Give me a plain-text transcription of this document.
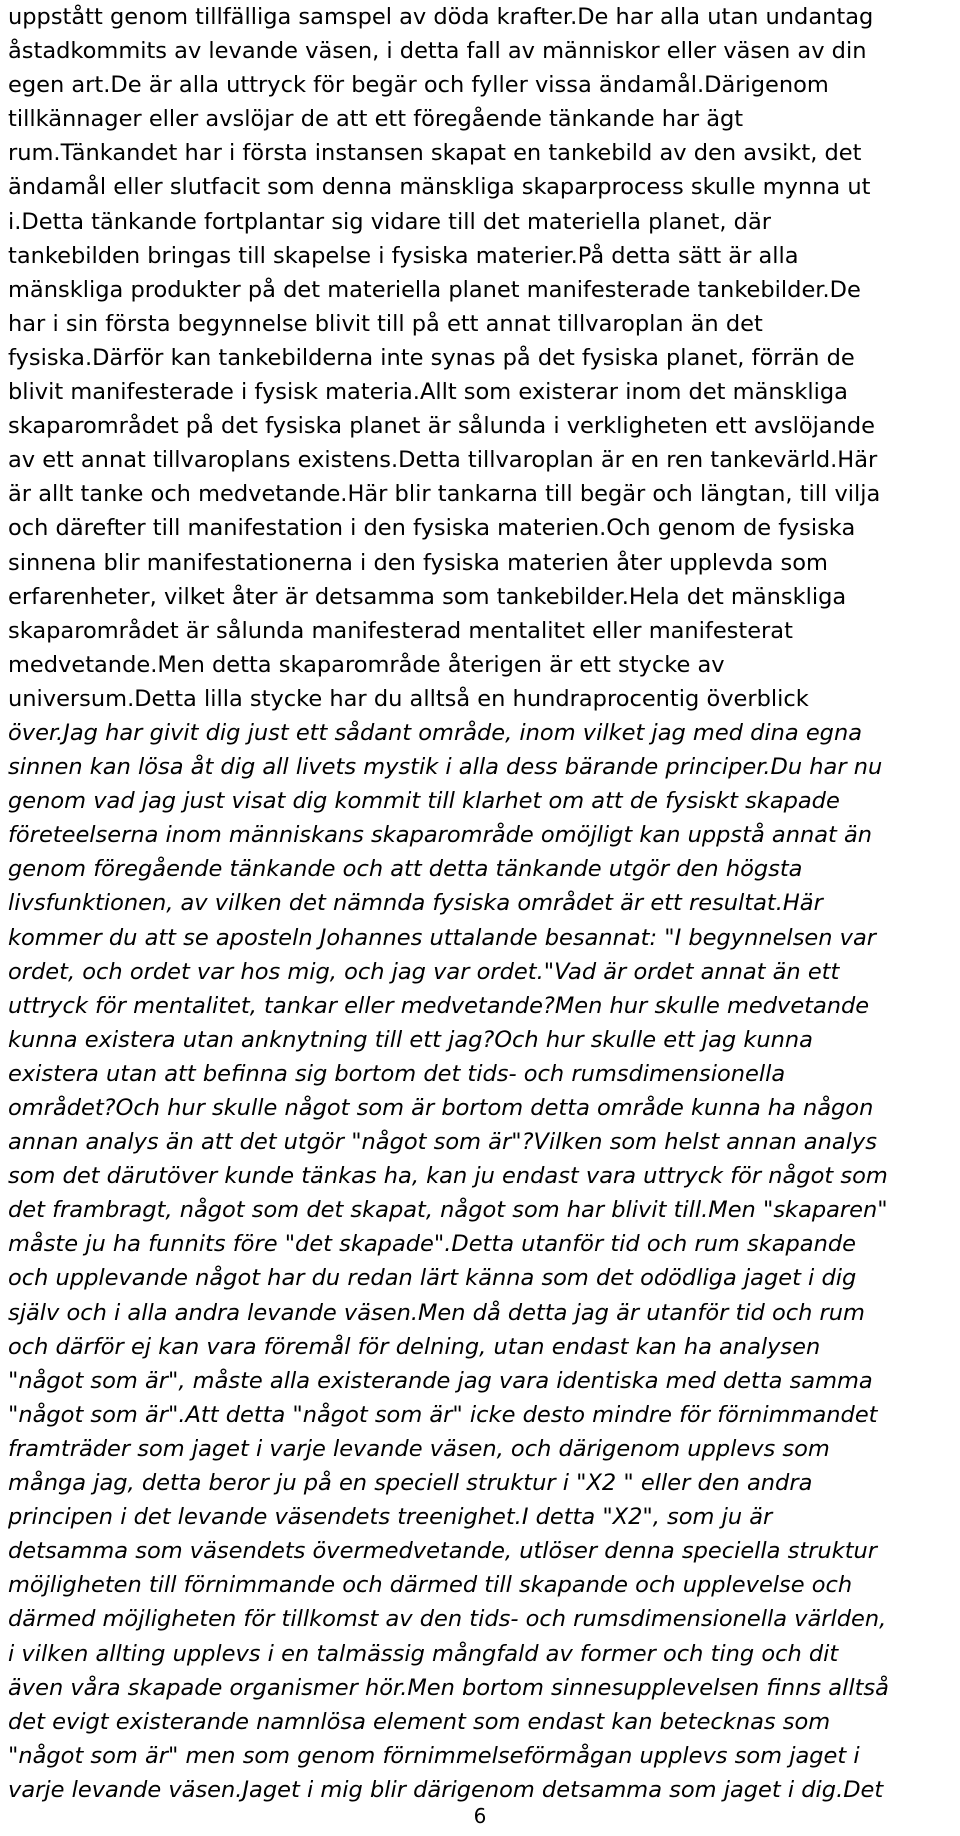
uppstått genom tillfälliga samspel av döda krafter.De har alla utan undantag
åstadkommits av levande väsen, i detta fall av människor eller väsen av din
egen art.De är alla uttryck för begär och fyller vissa ändamål.Därigenom
tillkännager eller avslöjar de att ett föregående tänkande har ägt
rum.Tänkandet har i första instansen skapat en tankebild av den avsikt, det
ändamål eller slutfacit som denna mänskliga skaparprocess skulle mynna ut
i.Detta tänkande fortplantar sig vidare till det materiella planet, där
tankebilden bringas till skapelse i fysiska materier.På detta sätt är alla
mänskliga produkter på det materiella planet manifesterade tankebilder.De
har i sin första begynnelse blivit till på ett annat tillvaroplan än det
fysiska.Därför kan tankebilderna inte synas på det fysiska planet, förrän de
blivit manifesterade i fysisk materia.Allt som existerar inom det mänskliga
skaparområdet på det fysiska planet är sålunda i verkligheten ett avslöjande
av ett annat tillvaroplans existens.Detta tillvaroplan är en ren tankevärld.Här
är allt tanke och medvetande.Här blir tankarna till begär och längtan, till vilja
och därefter till manifestation i den fysiska materien.Och genom de fysiska
sinnena blir manifestationerna i den fysiska materien åter upplevda som
erfarenheter, vilket åter är detsamma som tankebilder.Hela det mänskliga
skaparområdet är sålunda manifesterad mentalitet eller manifesterat
medvetande.Men detta skaparområde återigen är ett stycke av
universum.Detta lilla stycke har du alltså en hundraprocentig överblick
över.Jag har givit dig just ett sådant område, inom vilket jag med dina egna
sinnen kan lösa åt dig all livets mystik i alla dess bärande principer.Du har nu
genom vad jag just visat dig kommit till klarhet om att de fysiskt skapade
företeelserna inom människans skaparområde omöjligt kan uppstå annat än
genom föregående tänkande och att detta tänkande utgör den högsta
livsfunktionen, av vilken det nämnda fysiska området är ett resultat.Här
kommer du att se aposteln Johannes uttalande besannat: "I begynnelsen var
ordet, och ordet var hos mig, och jag var ordet."Vad är ordet annat än ett
uttryck för mentalitet, tankar eller medvetande?Men hur skulle medvetande
kunna existera utan anknytning till ett jag?Och hur skulle ett jag kunna
existera utan att befinna sig bortom det tids- och rumsdimensionella
området?Och hur skulle något som är bortom detta område kunna ha någon
annan analys än att det utgör "något som är"?Vilken som helst annan analys
som det därutöver kunde tänkas ha, kan ju endast vara uttryck för något som
det frambragt, något som det skapat, något som har blivit till.Men "skaparen"
måste ju ha funnits före "det skapade".Detta utanför tid och rum skapande
och upplevande något har du redan lärt känna som det odödliga jaget i dig
själv och i alla andra levande väsen.Men då detta jag är utanför tid och rum
och därför ej kan vara föremål för delning, utan endast kan ha analysen
"något som är", måste alla existerande jag vara identiska med detta samma
"något som är".Att detta "något som är" icke desto mindre för förnimmandet
framträder som jaget i varje levande väsen, och därigenom upplevs som
många jag, detta beror ju på en speciell struktur i "X2 " eller den andra
principen i det levande väsendets treenighet.I detta "X2", som ju är
detsamma som väsendets övermedvetande, utlöser denna speciella struktur
möjligheten till förnimmande och därmed till skapande och upplevelse och
därmed möjligheten för tillkomst av den tids- och rumsdimensionella världen,
i vilken allting upplevs i en talmässig mångfald av former och ting och dit
även våra skapade organismer hör.Men bortom sinnesupplevelsen finns alltså
det evigt existerande namnlösa element som endast kan betecknas som
"något som är" men som genom förnimmelseförmågan upplevs som jaget i
varje levande väsen.Jaget i mig blir därigenom detsamma som jaget i dig.Det
6
